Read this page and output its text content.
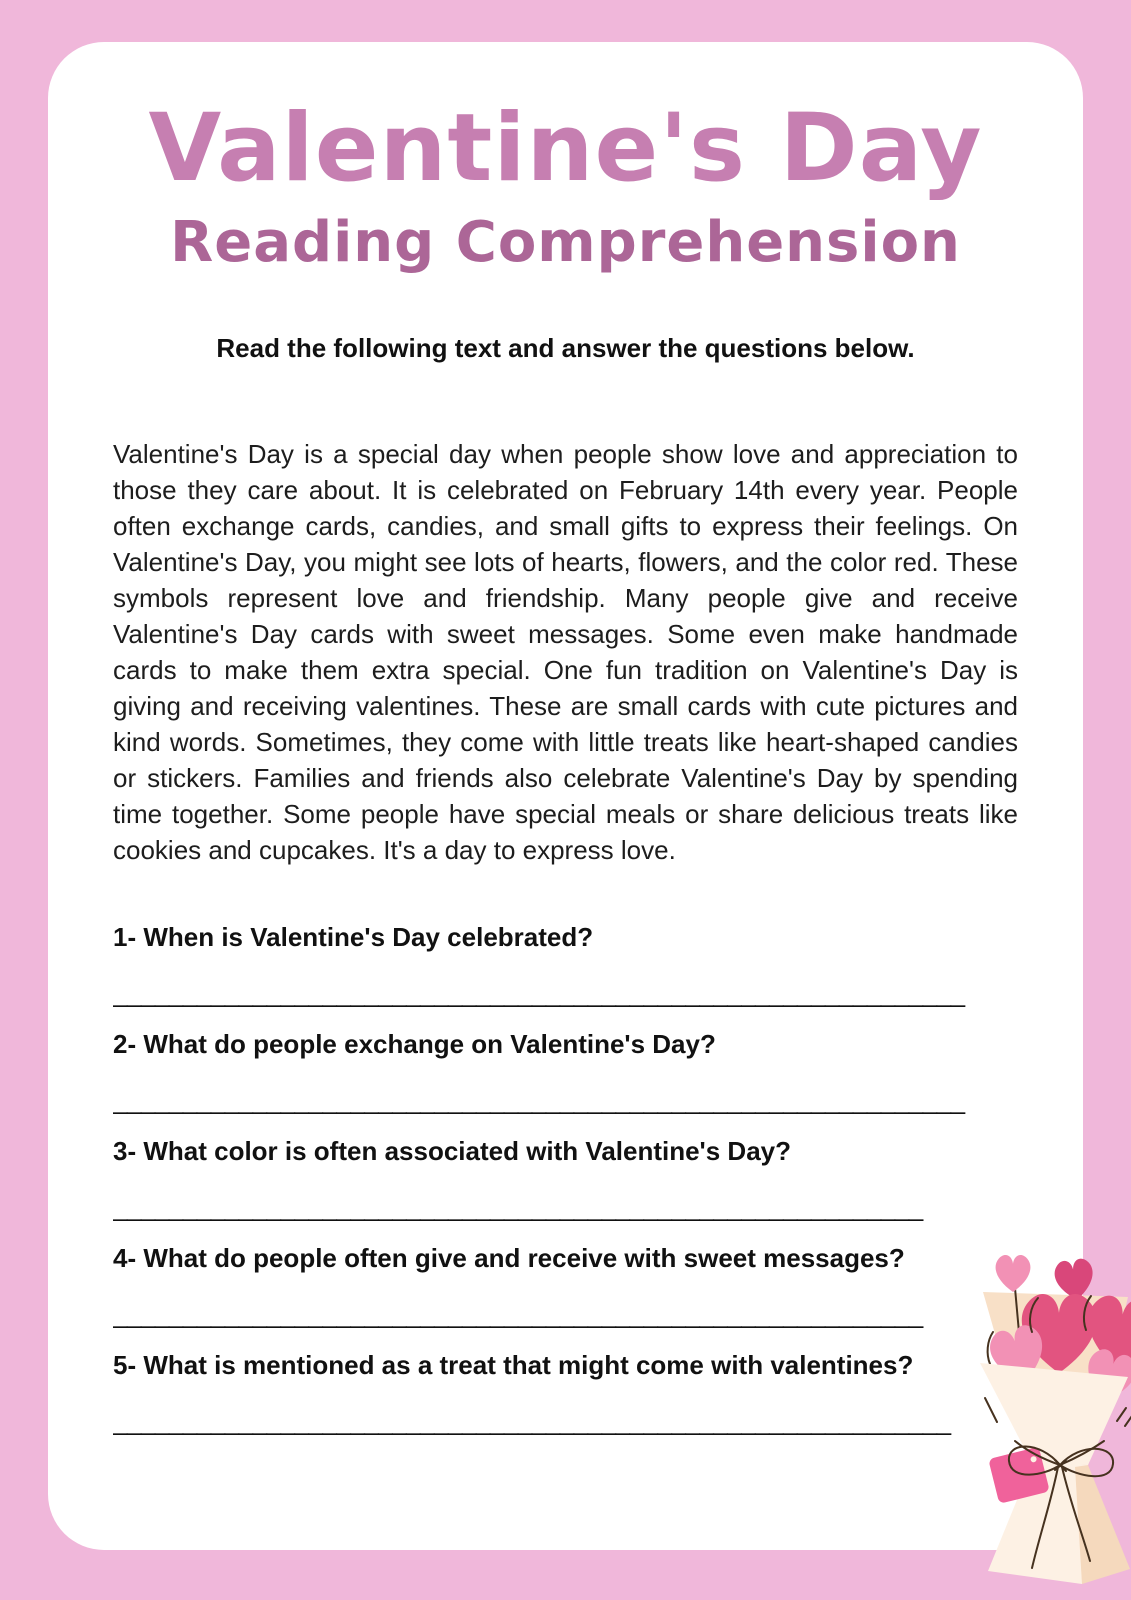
Valentine's Day
Reading Comprehension

Read the following text and answer the questions below.

Valentine's Day is a special day when people show love and appreciation to those they care about. It is celebrated on February 14th every year. People often exchange cards, candies, and small gifts to express their feelings. On Valentine's Day, you might see lots of hearts, flowers, and the color red. These symbols represent love and friendship. Many people give and receive Valentine's Day cards with sweet messages. Some even make handmade cards to make them extra special. One fun tradition on Valentine's Day is giving and receiving valentines. These are small cards with cute pictures and kind words. Sometimes, they come with little treats like heart-shaped candies or stickers. Families and friends also celebrate Valentine's Day by spending time together. Some people have special meals or share delicious treats like cookies and cupcakes. It's a day to express love.

1- When is Valentine's Day celebrated?
_____________________________________________________________
2- What do people exchange on Valentine's Day?
_____________________________________________________________
3- What color is often associated with Valentine's Day?
__________________________________________________________
4- What do people often give and receive with sweet messages?
__________________________________________________________
5- What is mentioned as a treat that might come with valentines?
____________________________________________________________
